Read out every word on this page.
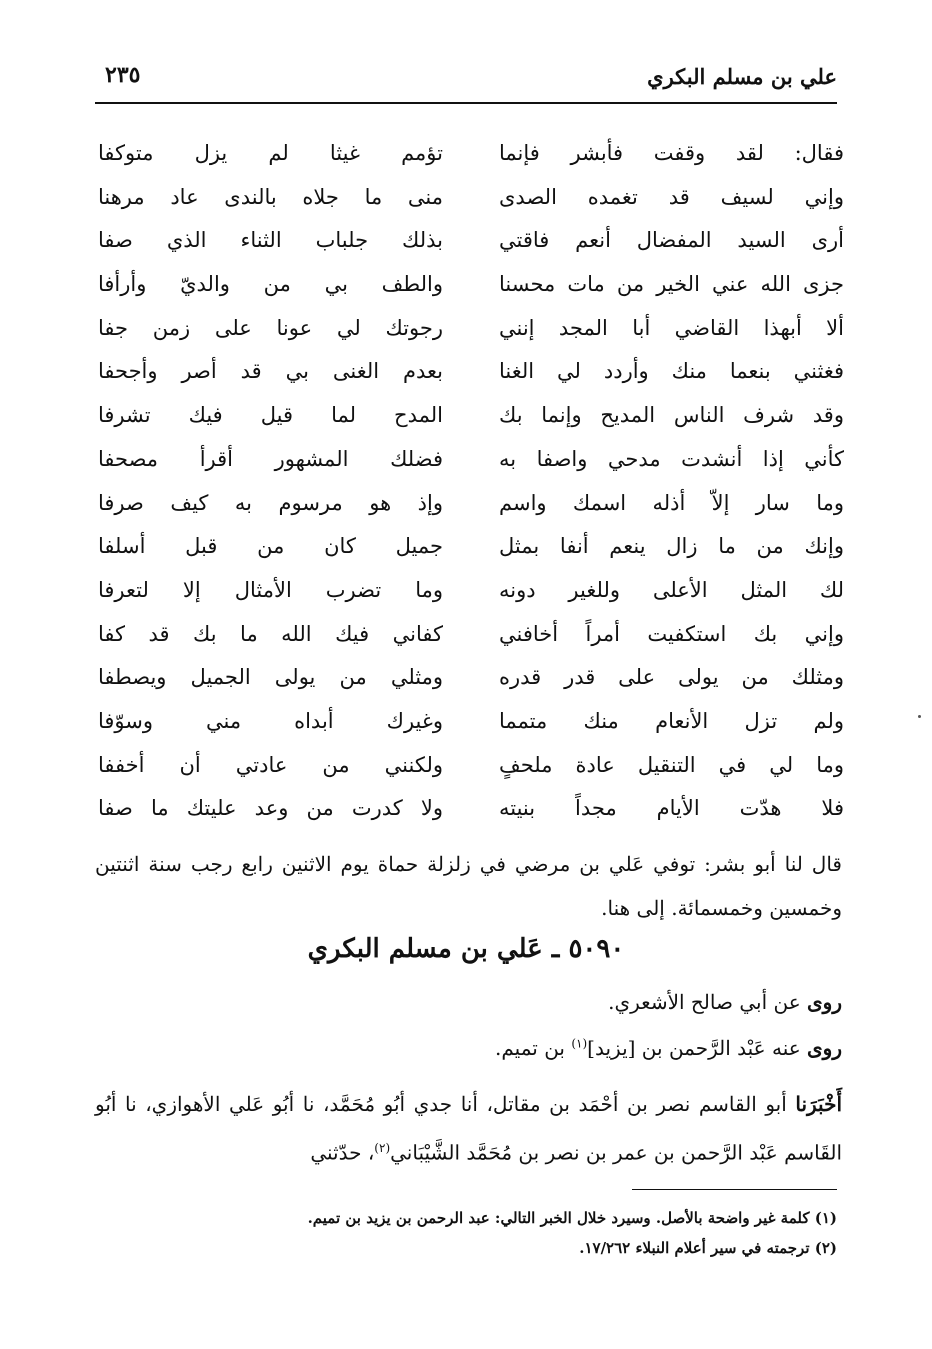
علي بن مسلم البكري
٢٣٥
فقال: لقد وقفت فأبشر فإنما
وإني لسيف قد تغمده الصدى
أرى السيد المفضال أنعم فاقتي
جزى الله عني الخير من مات محسنا
ألا أبهذا القاضي أبا المجد إنني
فغثني بنعما منك وأردد لي الغنا
وقد شرف الناس المديح وإنما بك
كأني إذا أنشدت مدحي واصفا به
وما سار إلاّ أذله اسمك واسم
وإنك من ما زال ينعم أنفا بمثل
لك المثل الأعلى وللغير دونه
وإني بك استكفيت أمراً أخافني
ومثلك من يولى على قدر قدره
ولم تزل الأنعام منك متمما
وما لي في التنقيل عادة ملحفٍ
فلا هدّت الأيام مجداً بنيته
تؤمم غيثا لم يزل متوكفا
منى ما جلاه بالندى عاد مرهنا
بذلك جلباب الثناء الذي صفا
والطف بي من والديّ وأرأفا
رجوتك لي عونا على زمن جفا
بعدم الغنى بي قد أصر وأجحفا
المدح لما قيل فيك تشرفا
فضلك المشهور أقرأ مصحفا
وإذ هو مرسوم به كيف صرفا
جميل كان من قبل أسلفا
وما تضرب الأمثال إلا لتعرفا
كفاني فيك الله ما بك قد كفا
ومثلي من يولى الجميل ويصطفا
وغيرك أبداه مني وسوّفا
ولكنني من عادتي أن أخففا
ولا كدرت من وعد عليتك ما صفا
قال لنا أبو بشر: توفي عَلي بن مرضي في زلزلة حماة يوم الاثنين رابع رجب سنة اثنتين وخمسين وخمسمائة. إلى هنا.
٥٠٩٠ ـ عَلي بن مسلم البكري
روى عن أبي صالح الأشعري.
روى عنه عَبْد الرَّحمن بن [يزيد]$^{(١)}$ بن تميم.
أَخْبَرَنا أبو القاسم نصر بن أحْمَد بن مقاتل، أنا جدي أبُو مُحَمَّد، نا أبُو عَلي الأهوازي، نا أبُو القَاسم عَبْد الرَّحمن بن عمر بن نصر بن مُحَمَّد الشَّيْبَاني$^{(٢)}$، حدّثني
(١) كلمة غير واضحة بالأصل. وسيرد خلال الخبر التالي: عبد الرحمن بن يزيد بن تميم.
(٢) ترجمته في سير أعلام النبلاء ١٧/٢٦٢.
